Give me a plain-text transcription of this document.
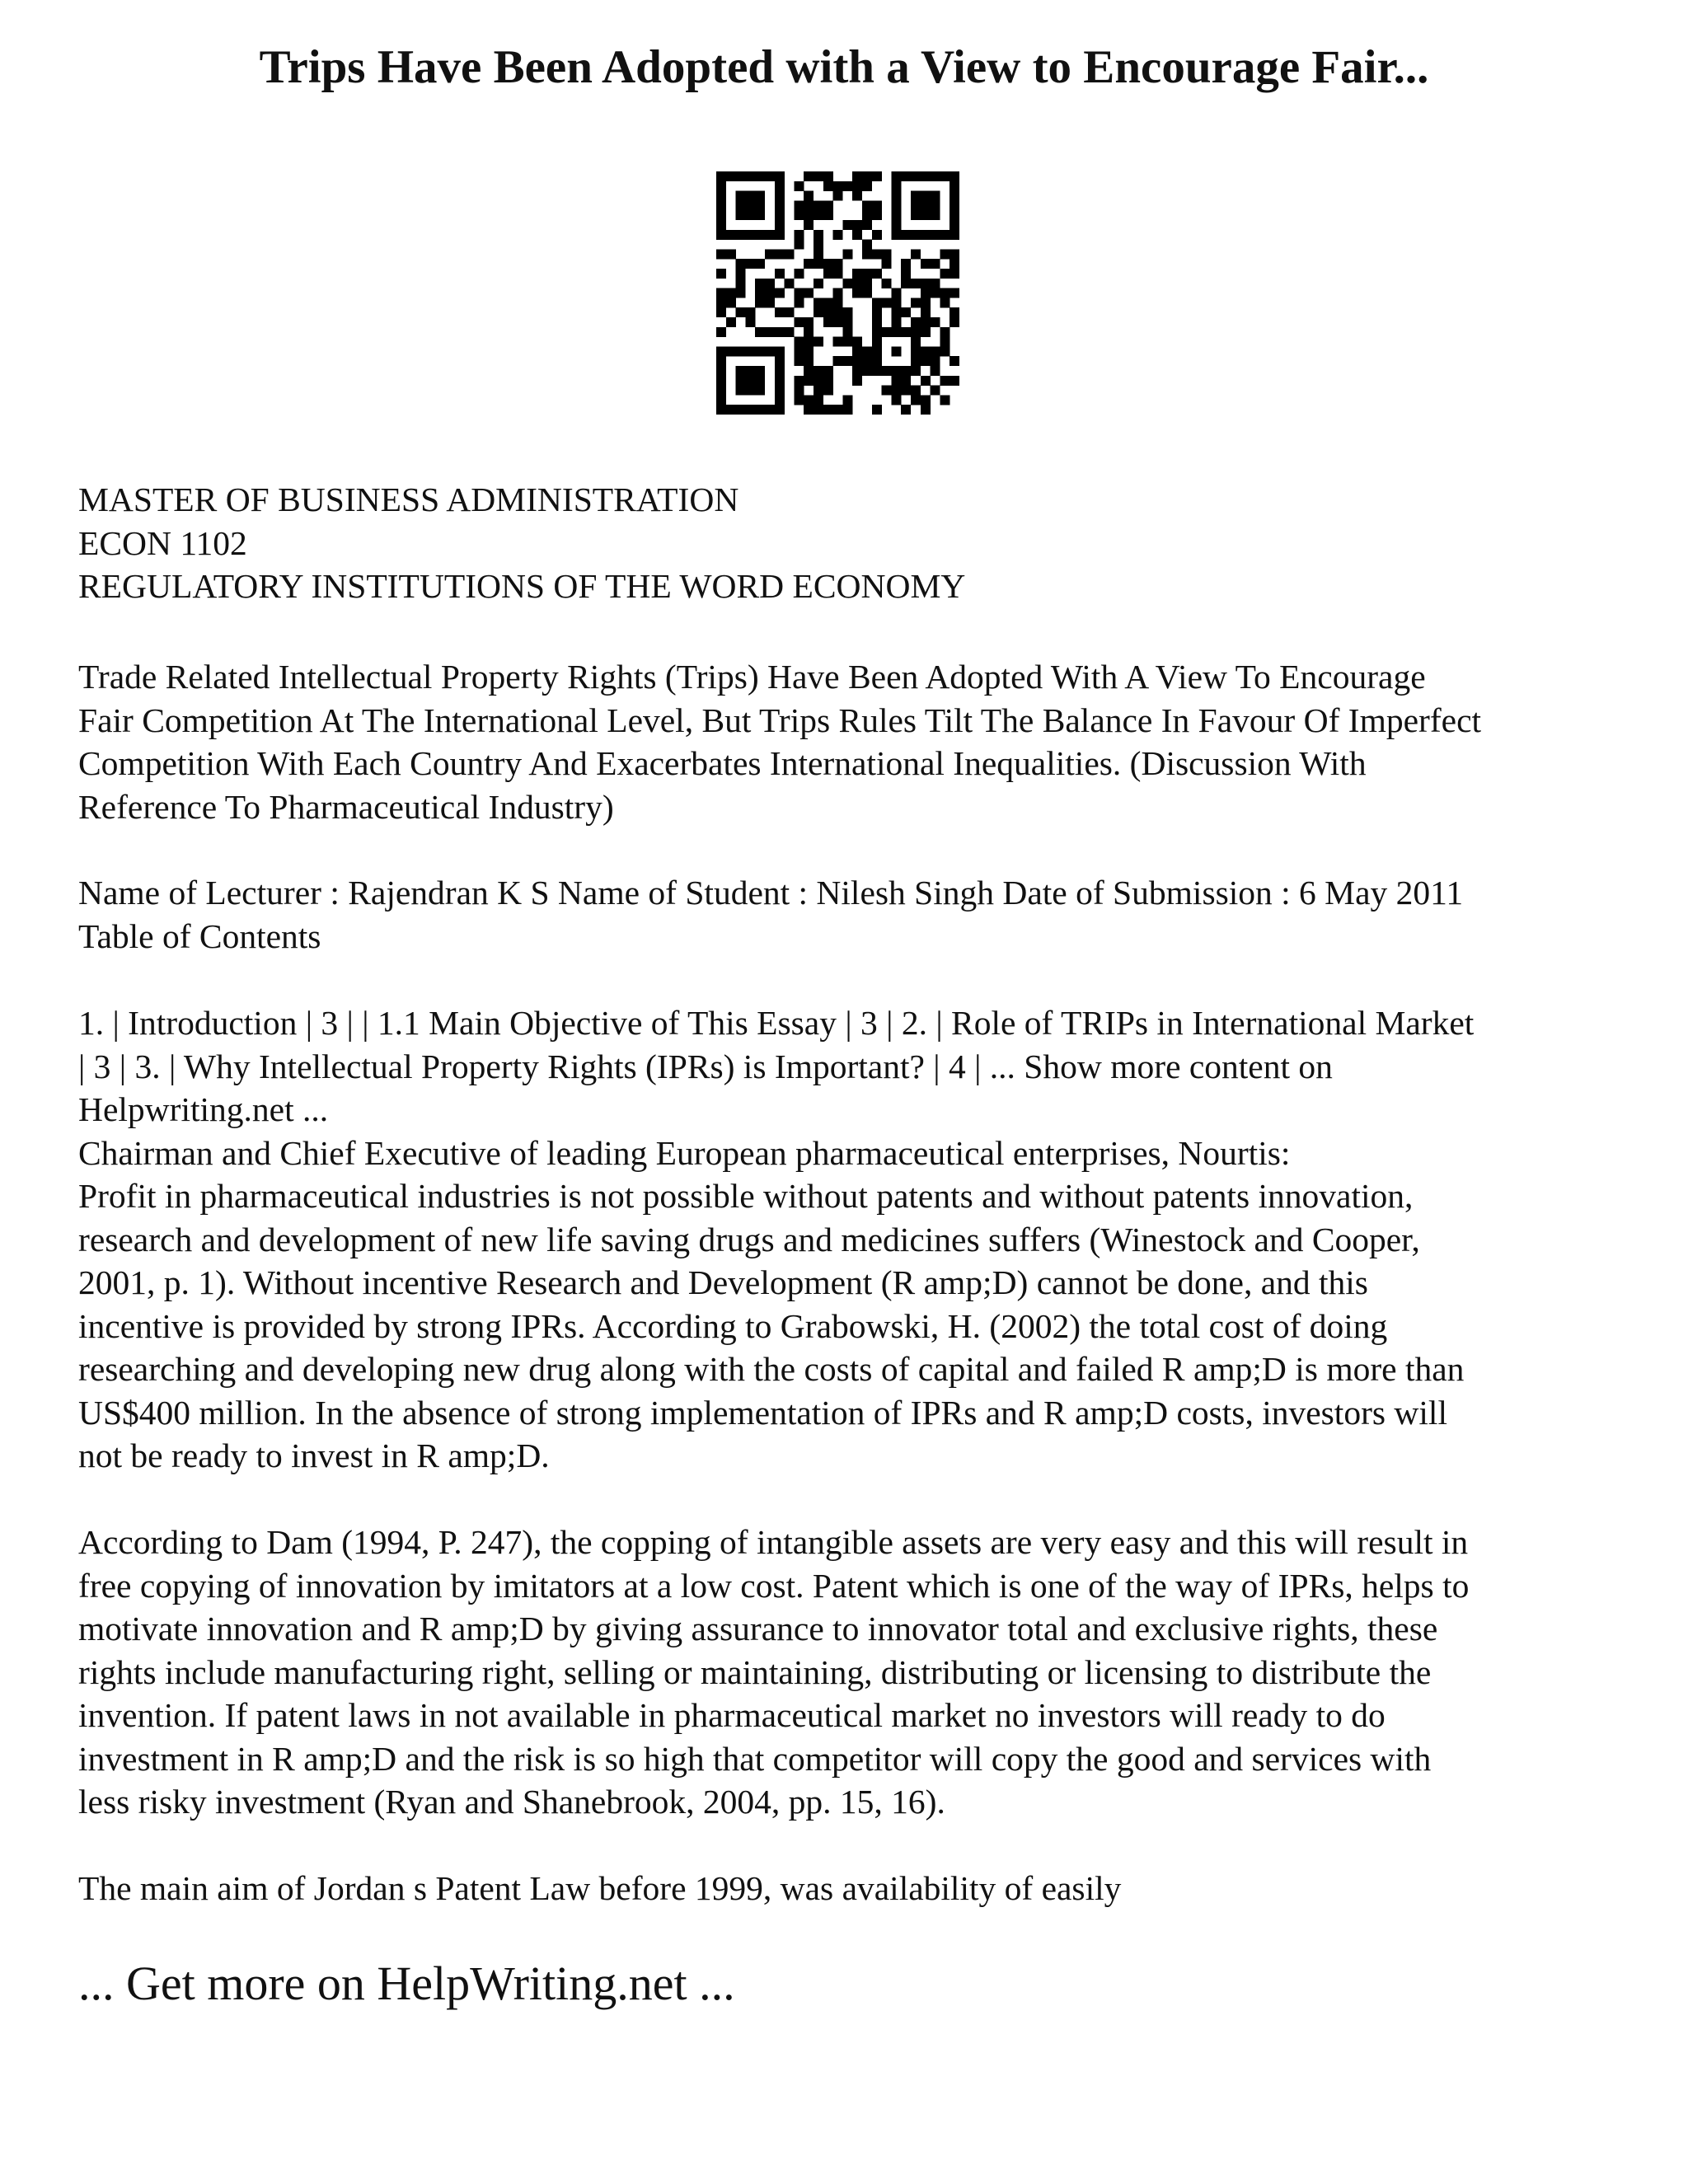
Trips Have Been Adopted with a View to Encourage Fair...
MASTER OF BUSINESS ADMINISTRATION
ECON 1102
REGULATORY INSTITUTIONS OF THE WORD ECONOMY
Trade Related Intellectual Property Rights (Trips) Have Been Adopted With A View To Encourage
Fair Competition At The International Level, But Trips Rules Tilt The Balance In Favour Of Imperfect
Competition With Each Country And Exacerbates International Inequalities. (Discussion With
Reference To Pharmaceutical Industry)
Name of Lecturer : Rajendran K S Name of Student : Nilesh Singh Date of Submission : 6 May 2011
Table of Contents
1. | Introduction | 3 | | 1.1 Main Objective of This Essay | 3 | 2. | Role of TRIPs in International Market
| 3 | 3. | Why Intellectual Property Rights (IPRs) is Important? | 4 | ... Show more content on
Helpwriting.net ...
Chairman and Chief Executive of leading European pharmaceutical enterprises, Nourtis:
Profit in pharmaceutical industries is not possible without patents and without patents innovation,
research and development of new life saving drugs and medicines suffers (Winestock and Cooper,
2001, p. 1). Without incentive Research and Development (R amp;D) cannot be done, and this
incentive is provided by strong IPRs. According to Grabowski, H. (2002) the total cost of doing
researching and developing new drug along with the costs of capital and failed R amp;D is more than
US$400 million. In the absence of strong implementation of IPRs and R amp;D costs, investors will
not be ready to invest in R amp;D.
According to Dam (1994, P. 247), the copping of intangible assets are very easy and this will result in
free copying of innovation by imitators at a low cost. Patent which is one of the way of IPRs, helps to
motivate innovation and R amp;D by giving assurance to innovator total and exclusive rights, these
rights include manufacturing right, selling or maintaining, distributing or licensing to distribute the
invention. If patent laws in not available in pharmaceutical market no investors will ready to do
investment in R amp;D and the risk is so high that competitor will copy the good and services with
less risky investment (Ryan and Shanebrook, 2004, pp. 15, 16).
The main aim of Jordan s Patent Law before 1999, was availability of easily
... Get more on HelpWriting.net ...
